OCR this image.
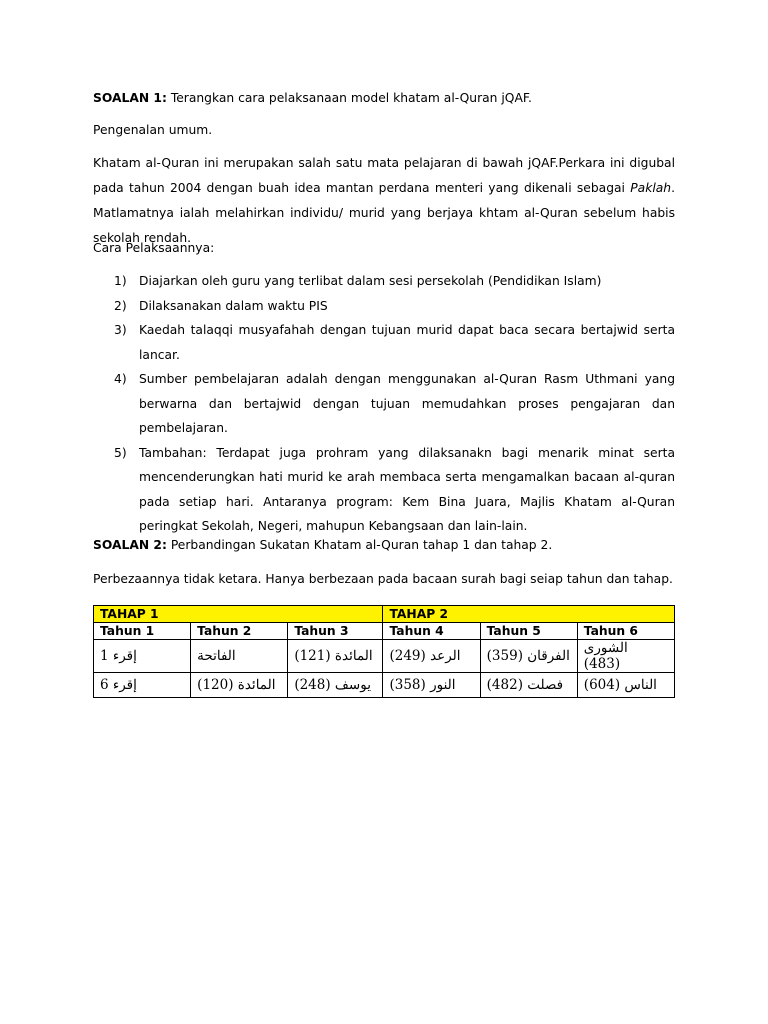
SOALAN 1: Terangkan cara pelaksanaan model khatam al-Quran jQAF.

Pengenalan umum.

Khatam al-Quran ini merupakan salah satu mata pelajaran di bawah jQAF.Perkara ini digubal pada tahun 2004 dengan buah idea mantan perdana menteri yang dikenali sebagai Paklah. Matlamatnya ialah melahirkan individu/ murid yang berjaya khtam al-Quran sebelum habis sekolah rendah.

Cara Pelaksaannya:

1) Diajarkan oleh guru yang terlibat dalam sesi persekolah (Pendidikan Islam)
2) Dilaksanakan dalam waktu PIS
3) Kaedah talaqqi musyafahah dengan tujuan murid dapat baca secara bertajwid serta lancar.
4) Sumber pembelajaran adalah dengan menggunakan al-Quran Rasm Uthmani yang berwarna dan bertajwid dengan tujuan memudahkan proses pengajaran dan pembelajaran.
5) Tambahan: Terdapat juga prohram yang dilaksanakn bagi menarik minat serta mencenderungkan hati murid ke arah membaca serta mengamalkan bacaan al-quran pada setiap hari. Antaranya program: Kem Bina Juara, Majlis Khatam al-Quran peringkat Sekolah, Negeri, mahupun Kebangsaan dan lain-lain.

SOALAN 2: Perbandingan Sukatan Khatam al-Quran tahap 1 dan tahap 2.

Perbezaannya tidak ketara. Hanya berbezaan pada bacaan surah bagi seiap tahun dan tahap.

TAHAP 1			TAHAP 2		
Tahun 1	Tahun 2	Tahun 3	Tahun 4	Tahun 5	Tahun 6
إقرء 1	الفاتحة	المائدة (121)	الرعد (249)	الفرقان (359)	الشورى (483)
إقرء 6	المائدة (120)	يوسف (248)	النور (358)	فصلت (482)	الناس (604)
